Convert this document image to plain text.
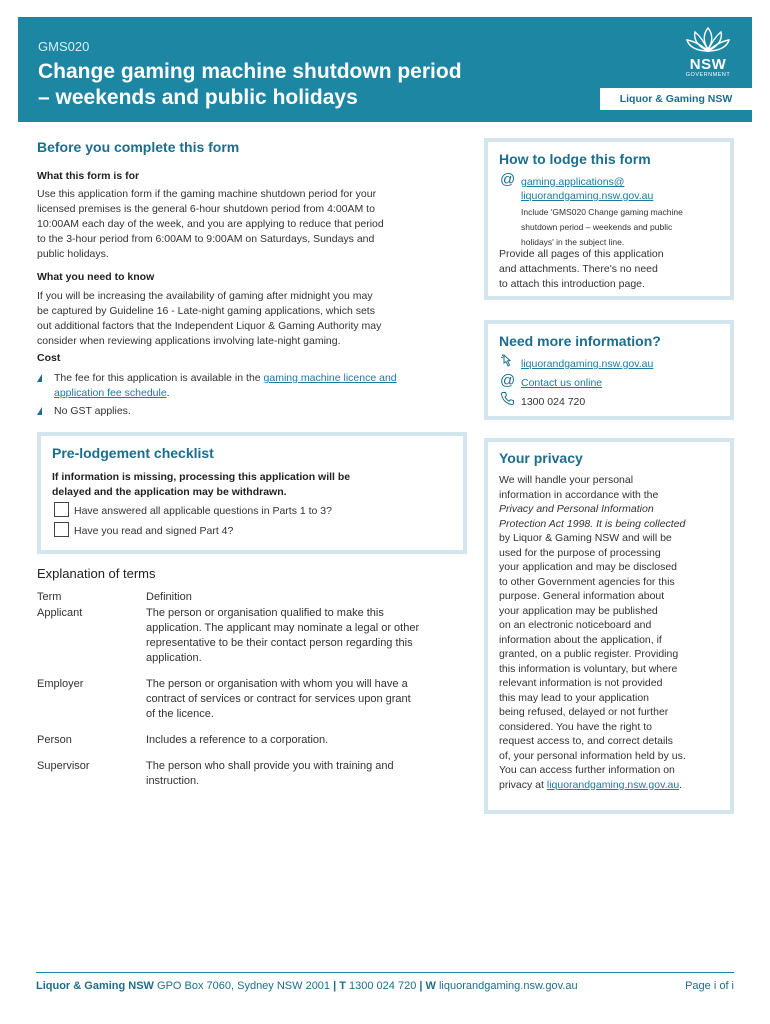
GMS020
Change gaming machine shutdown period
– weekends and public holidays
NSW
GOVERNMENT
Liquor & Gaming NSW
Before you complete this form
What this form is for
Use this application form if the gaming machine shutdown period for your
licensed premises is the general 6-hour shutdown period from 4:00AM to
10:00AM each day of the week, and you are applying to reduce that period
to the 3-hour period from 6:00AM to 9:00AM on Saturdays, Sundays and
public holidays.
What you need to know
If you will be increasing the availability of gaming after midnight you may
be captured by Guideline 16 - Late-night gaming applications, which sets
out additional factors that the Independent Liquor & Gaming Authority may
consider when reviewing applications involving late-night gaming.
Cost
The fee for this application is available in the gaming machine licence and
application fee schedule.
No GST applies.
Pre-lodgement checklist
If information is missing, processing this application will be
delayed and the application may be withdrawn.
Have answered all applicable questions in Parts 1 to 3?
Have you read and signed Part 4?
Explanation of terms
Term	Definition
Applicant	The person or organisation qualified to make this
application. The applicant may nominate a legal or other
representative to be their contact person regarding this
application.
Employer	The person or organisation with whom you will have a
contract of services or contract for services upon grant
of the licence.
Person	Includes a reference to a corporation.
Supervisor	The person who shall provide you with training and
instruction.
How to lodge this form
@ gaming.applications@
liquorandgaming.nsw.gov.au
Include 'GMS020 Change gaming machine
shutdown period – weekends and public
holidays' in the subject line.
Provide all pages of this application
and attachments. There's no need
to attach this introduction page.
Need more information?
liquorandgaming.nsw.gov.au
@ Contact us online
1300 024 720
Your privacy
We will handle your personal
information in accordance with the
Privacy and Personal Information
Protection Act 1998. It is being collected
by Liquor & Gaming NSW and will be
used for the purpose of processing
your application and may be disclosed
to other Government agencies for this
purpose. General information about
your application may be published
on an electronic noticeboard and
information about the application, if
granted, on a public register. Providing
this information is voluntary, but where
relevant information is not provided
this may lead to your application
being refused, delayed or not further
considered. You have the right to
request access to, and correct details
of, your personal information held by us.
You can access further information on
privacy at liquorandgaming.nsw.gov.au.
Liquor & Gaming NSW GPO Box 7060, Sydney NSW 2001 | T 1300 024 720 | W liquorandgaming.nsw.gov.au	Page i of i
